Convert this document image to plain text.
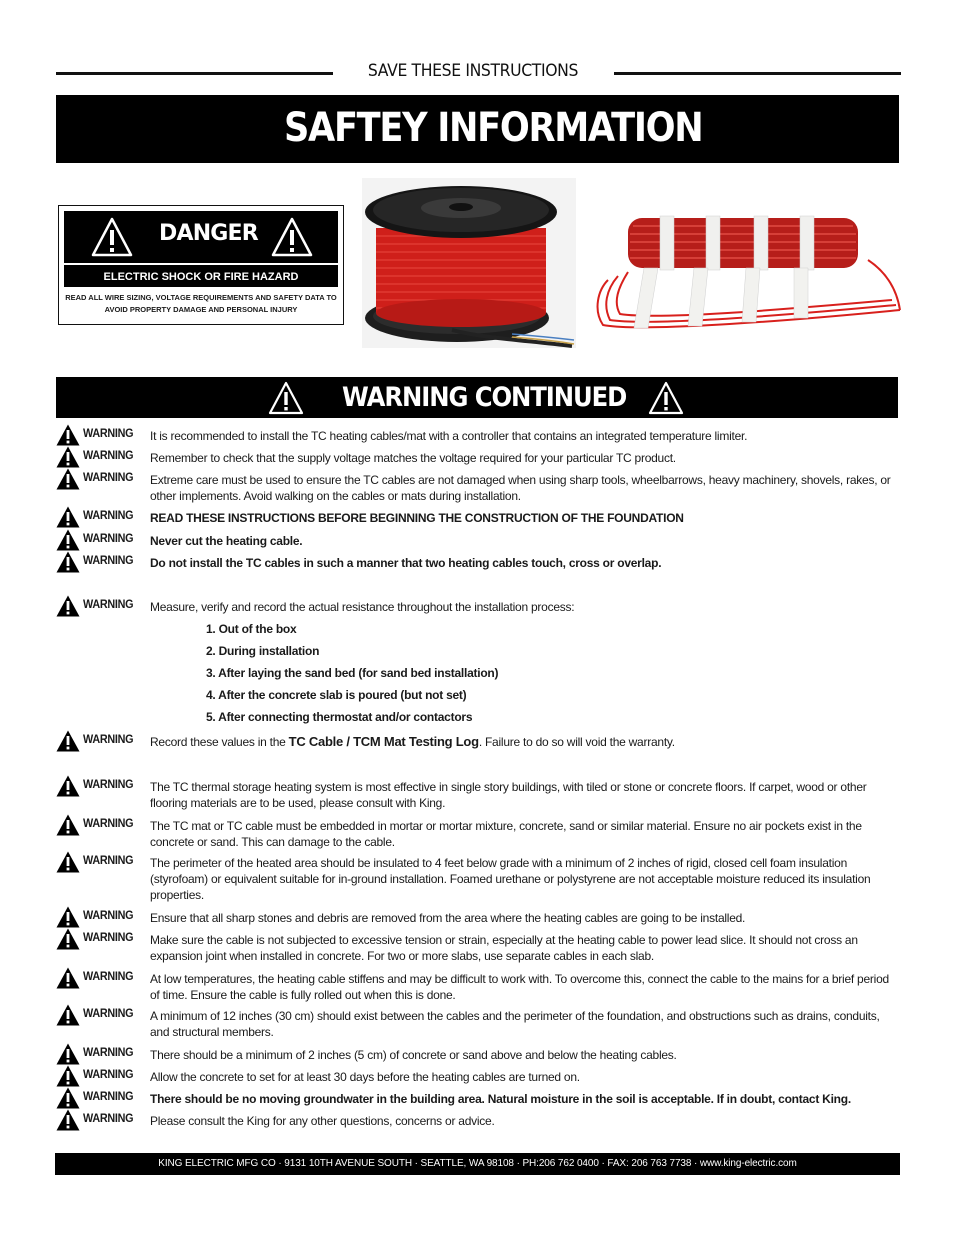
SAVE THESE INSTRUCTIONS
SAFTEY INFORMATION
DANGER
ELECTRIC SHOCK OR FIRE HAZARD
READ ALL WIRE SIZING, VOLTAGE REQUIREMENTS AND SAFETY DATA TO
AVOID PROPERTY DAMAGE AND PERSONAL INJURY
WARNING CONTINUED
WARNING It is recommended to install the TC heating cables/mat with a controller that contains an integrated temperature limiter.
WARNING Remember to check that the supply voltage matches the voltage required for your particular TC product.
WARNING Extreme care must be used to ensure the TC cables are not damaged when using sharp tools, wheelbarrows, heavy machinery, shovels, rakes, or other implements. Avoid walking on the cables or mats during installation.
WARNING READ THESE INSTRUCTIONS BEFORE BEGINNING THE CONSTRUCTION OF THE FOUNDATION
WARNING Never cut the heating cable.
WARNING Do not install the TC cables in such a manner that two heating cables touch, cross or overlap.
WARNING Measure, verify and record the actual resistance throughout the installation process:
WARNING Record these values in the TC Cable / TCM Mat Testing Log. Failure to do so will void the warranty.
WARNING The TC thermal storage heating system is most effective in single story buildings, with tiled or stone or concrete floors. If carpet, wood or other flooring materials are to be used, please consult with King.
WARNING The TC mat or TC cable must be embedded in mortar or mortar mixture, concrete, sand or similar material. Ensure no air pockets exist in the concrete or sand. This can damage to the cable.
WARNING The perimeter of the heated area should be insulated to 4 feet below grade with a minimum of 2 inches of rigid, closed cell foam insulation (styrofoam) or equivalent suitable for in-ground installation. Foamed urethane or polystyrene are not acceptable moisture reduced its insulation properties.
WARNING Ensure that all sharp stones and debris are removed from the area where the heating cables are going to be installed.
WARNING Make sure the cable is not subjected to excessive tension or strain, especially at the heating cable to power lead slice. It should not cross an expansion joint when installed in concrete. For two or more slabs, use separate cables in each slab.
WARNING At low temperatures, the heating cable stiffens and may be difficult to work with. To overcome this, connect the cable to the mains for a brief period of time. Ensure the cable is fully rolled out when this is done.
WARNING A minimum of 12 inches (30 cm) should exist between the cables and the perimeter of the foundation, and obstructions such as drains, conduits, and structural members.
WARNING There should be a minimum of 2 inches (5 cm) of concrete or sand above and below the heating cables.
WARNING Allow the concrete to set for at least 30 days before the heating cables are turned on.
WARNING There should be no moving groundwater in the building area. Natural moisture in the soil is acceptable. If in doubt, contact King.
WARNING Please consult the King for any other questions, concerns or advice.
1. Out of the box
2. During installation
3. After laying the sand bed (for sand bed installation)
4. After the concrete slab is poured (but not set)
5. After connecting thermostat and/or contactors
KING ELECTRIC MFG CO · 9131 10TH AVENUE SOUTH · SEATTLE, WA 98108 · PH:206 762 0400 · FAX: 206 763 7738 · www.king-electric.com
